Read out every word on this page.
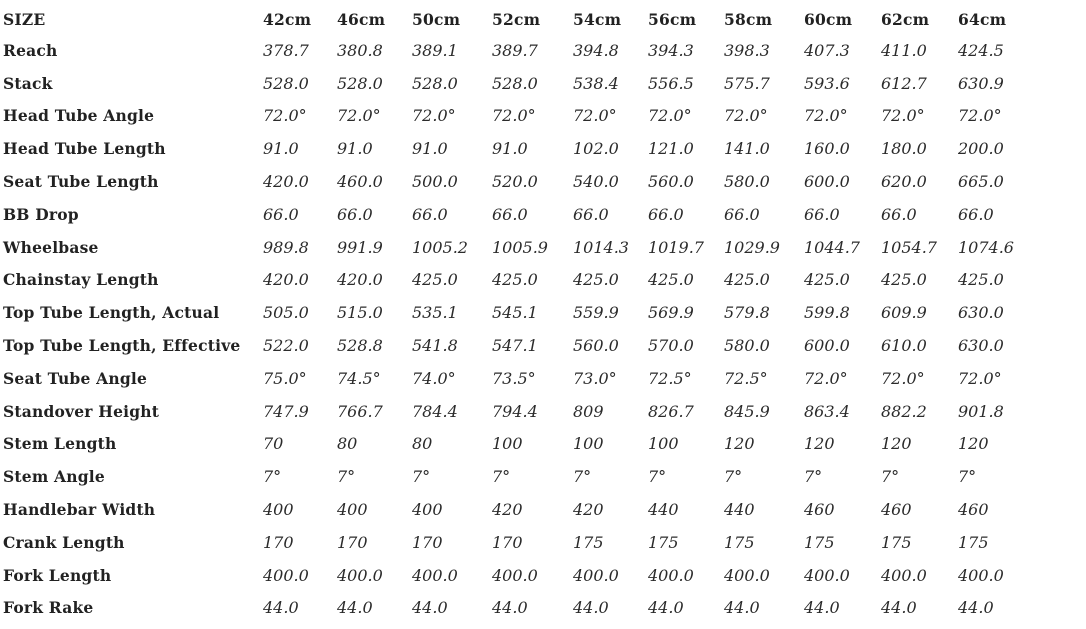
SIZE	42cm	46cm	50cm	52cm	54cm	56cm	58cm	60cm	62cm	64cm
Reach	378.7	380.8	389.1	389.7	394.8	394.3	398.3	407.3	411.0	424.5
Stack	528.0	528.0	528.0	528.0	538.4	556.5	575.7	593.6	612.7	630.9
Head Tube Angle	72.0°	72.0°	72.0°	72.0°	72.0°	72.0°	72.0°	72.0°	72.0°	72.0°
Head Tube Length	91.0	91.0	91.0	91.0	102.0	121.0	141.0	160.0	180.0	200.0
Seat Tube Length	420.0	460.0	500.0	520.0	540.0	560.0	580.0	600.0	620.0	665.0
BB Drop	66.0	66.0	66.0	66.0	66.0	66.0	66.0	66.0	66.0	66.0
Wheelbase	989.8	991.9	1005.2	1005.9	1014.3	1019.7	1029.9	1044.7	1054.7	1074.6
Chainstay Length	420.0	420.0	425.0	425.0	425.0	425.0	425.0	425.0	425.0	425.0
Top Tube Length, Actual	505.0	515.0	535.1	545.1	559.9	569.9	579.8	599.8	609.9	630.0
Top Tube Length, Effective	522.0	528.8	541.8	547.1	560.0	570.0	580.0	600.0	610.0	630.0
Seat Tube Angle	75.0°	74.5°	74.0°	73.5°	73.0°	72.5°	72.5°	72.0°	72.0°	72.0°
Standover Height	747.9	766.7	784.4	794.4	809	826.7	845.9	863.4	882.2	901.8
Stem Length	70	80	80	100	100	100	120	120	120	120
Stem Angle	7°	7°	7°	7°	7°	7°	7°	7°	7°	7°
Handlebar Width	400	400	400	420	420	440	440	460	460	460
Crank Length	170	170	170	170	175	175	175	175	175	175
Fork Length	400.0	400.0	400.0	400.0	400.0	400.0	400.0	400.0	400.0	400.0
Fork Rake	44.0	44.0	44.0	44.0	44.0	44.0	44.0	44.0	44.0	44.0
